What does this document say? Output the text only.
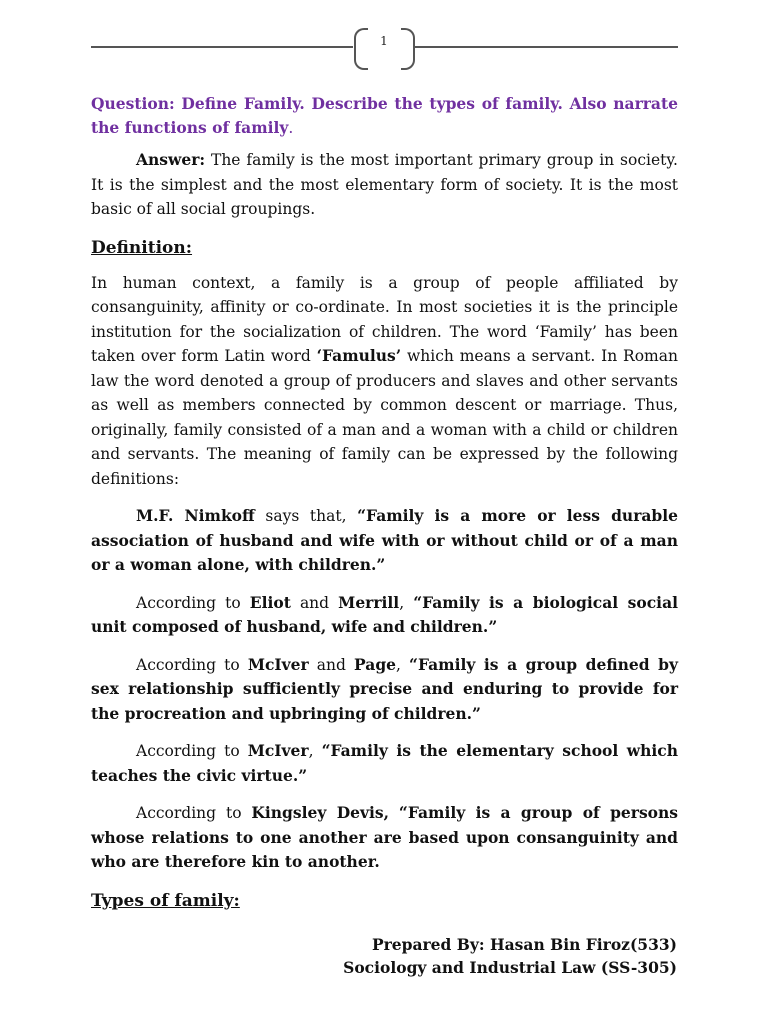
1

Question: Define Family. Describe the types of family. Also narrate the functions of family.

Answer: The family is the most important primary group in society. It is the simplest and the most elementary form of society. It is the most basic of all social groupings.

Definition:

In human context, a family is a group of people affiliated by consanguinity, affinity or co-ordinate. In most societies it is the principle institution for the socialization of children. The word ‘Family’ has been taken over form Latin word ‘Famulus’ which means a servant. In Roman law the word denoted a group of producers and slaves and other servants as well as members connected by common descent or marriage. Thus, originally, family consisted of a man and a woman with a child or children and servants. The meaning of family can be expressed by the following definitions:

M.F. Nimkoff says that, “Family is a more or less durable association of husband and wife with or without child or of a man or a woman alone, with children.”

According to Eliot and Merrill, “Family is a biological social unit composed of husband, wife and children.”

According to McIver and Page, “Family is a group defined by sex relationship sufficiently precise and enduring to provide for the procreation and upbringing of children.”

According to McIver, “Family is the elementary school which teaches the civic virtue.”

According to Kingsley Devis, “Family is a group of persons whose relations to one another are based upon consanguinity and who are therefore kin to another.

Types of family:
Prepared By: Hasan Bin Firoz(533)
Sociology and Industrial Law (SS-305)
